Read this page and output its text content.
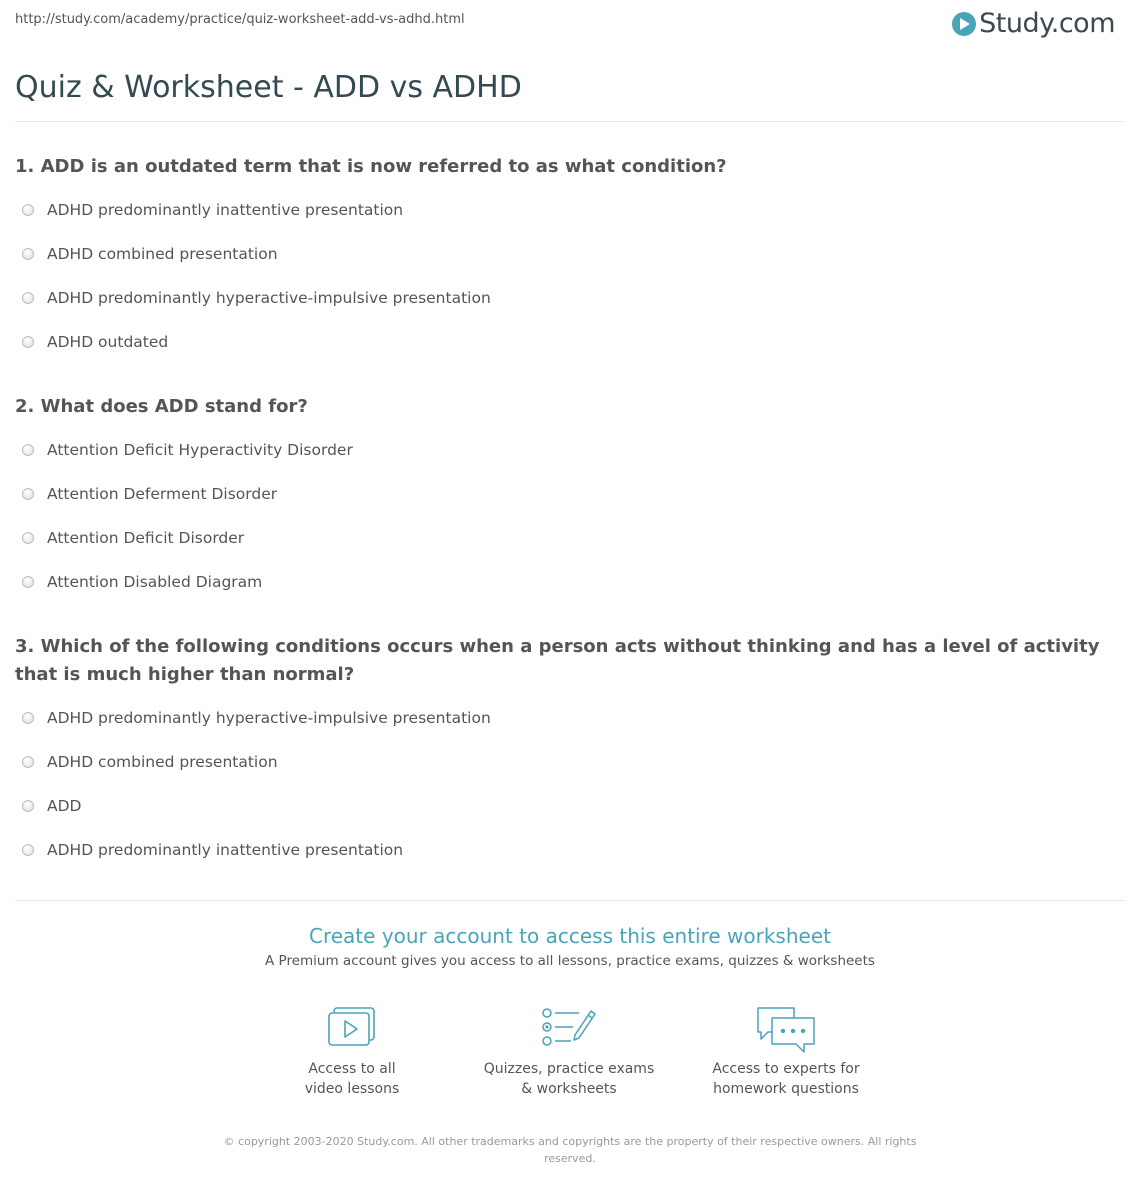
http://study.com/academy/practice/quiz-worksheet-add-vs-adhd.html	Study.com
Quiz & Worksheet - ADD vs ADHD
1. ADD is an outdated term that is now referred to as what condition?
ADHD predominantly inattentive presentation
ADHD combined presentation
ADHD predominantly hyperactive-impulsive presentation
ADHD outdated
2. What does ADD stand for?
Attention Deficit Hyperactivity Disorder
Attention Deferment Disorder
Attention Deficit Disorder
Attention Disabled Diagram
3. Which of the following conditions occurs when a person acts without thinking and has a level of activity that is much higher than normal?
ADHD predominantly hyperactive-impulsive presentation
ADHD combined presentation
ADD
ADHD predominantly inattentive presentation
Create your account to access this entire worksheet
A Premium account gives you access to all lessons, practice exams, quizzes & worksheets
Access to all
video lessons
Quizzes, practice exams
& worksheets
Access to experts for
homework questions
© copyright 2003-2020 Study.com. All other trademarks and copyrights are the property of their respective owners. All rights
reserved.
